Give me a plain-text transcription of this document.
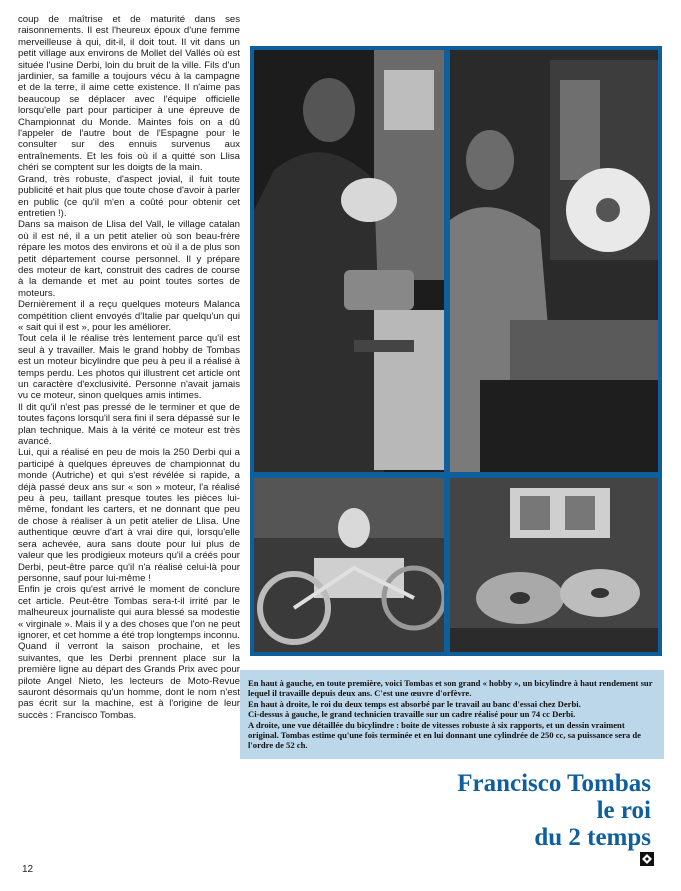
coup de maîtrise et de maturité dans ses raisonnements. Il est l'heureux époux d'une femme merveilleuse à qui, dit-il, il doit tout. Il vit dans un petit village aux environs de Mollet del Vallés où est située l'usine Derbi, loin du bruit de la ville. Fils d'un jardinier, sa famille a toujours vécu à la campagne et de la terre, il aime cette existence. Il n'aime pas beaucoup se déplacer avec l'équipe officielle lorsqu'elle part pour participer à une épreuve de Championnat du Monde. Maintes fois on a dû l'appeler de l'autre bout de l'Espagne pour le consulter sur des ennuis survenus aux entraînements. Et les fois où il a quitté son Llisa chéri se comptent sur les doigts de la main.

Grand, très robuste, d'aspect jovial, il fuit toute publicité et hait plus que toute chose d'avoir à parler en public (ce qu'il m'en a coûté pour obtenir cet entretien !).

Dans sa maison de Llisa del Vall, le village catalan où il est né, il a un petit atelier où son beau-frère répare les motos des environs et où il a de plus son petit département course personnel. Il y prépare des moteur de kart, construit des cadres de course à la demande et met au point toutes sortes de moteurs.

Dernièrement il a reçu quelques moteurs Malanca compétition client envoyés d'Italie par quelqu'un qui « sait qui il est », pour les améliorer.

Tout cela il le réalise très lentement parce qu'il est seul à y travailler. Mais le grand hobby de Tombas est un moteur bicylindre que peu à peu il a réalisé à temps perdu. Les photos qui illustrent cet article ont un caractère d'exclusivité. Personne n'avait jamais vu ce moteur, sinon quelques amis intimes.

Il dit qu'il n'est pas pressé de le terminer et que de toutes façons lorsqu'il sera fini il sera dépassé sur le plan technique. Mais à la vérité ce moteur est très avancé.

Lui, qui a réalisé en peu de mois la 250 Derbi qui a participé à quelques épreuves de championnat du monde (Autriche) et qui s'est révélée si rapide, a déjà passé deux ans sur « son » moteur, l'a réalisé peu à peu, taillant presque toutes les pièces lui-même, fondant les carters, et ne donnant que peu de chose à réaliser à un petit atelier de Llisa. Une authentique œuvre d'art à vrai dire qui, lorsqu'elle sera achevée, aura sans doute pour lui plus de valeur que les prodigieux moteurs qu'il a créés pour Derbi, peut-être parce qu'il n'a réalisé celui-là pour personne, sauf pour lui-même !

Enfin je crois qu'est arrivé le moment de conclure cet article. Peut-être Tombas sera-t-il irrité par le malheureux journaliste qui aura blessé sa modestie « virginale ». Mais il y a des choses que l'on ne peut ignorer, et cet homme a été trop longtemps inconnu.

Quand il verront la saison prochaine, et les suivantes, que les Derbi prennent place sur la première ligne au départ des Grands Prix avec pour pilote Angel Nieto, les lecteurs de Moto-Revue sauront désormais qu'un homme, dont le nom n'est pas écrit sur la machine, est à l'origine de leur succès : Francisco Tombas.

En haut à gauche, en toute première, voici Tombas et son grand « hobby », un bicylindre à haut rendement sur lequel il travaille depuis deux ans. C'est une œuvre d'orfèvre.

En haut à droite, le roi du deux temps est absorbé par le travail au banc d'essai chez Derbi.

Ci-dessus à gauche, le grand technicien travaille sur un cadre réalisé pour un 74 cc Derbi.

A droite, une vue détaillée du bicylindre : boite de vitesses robuste à six rapports, et un dessin vraiment original. Tombas estime qu'une fois terminée et en lui donnant une cylindrée de 250 cc, sa puissance sera de l'ordre de 52 ch.

Francisco Tombas
le roi
du 2 temps
12
